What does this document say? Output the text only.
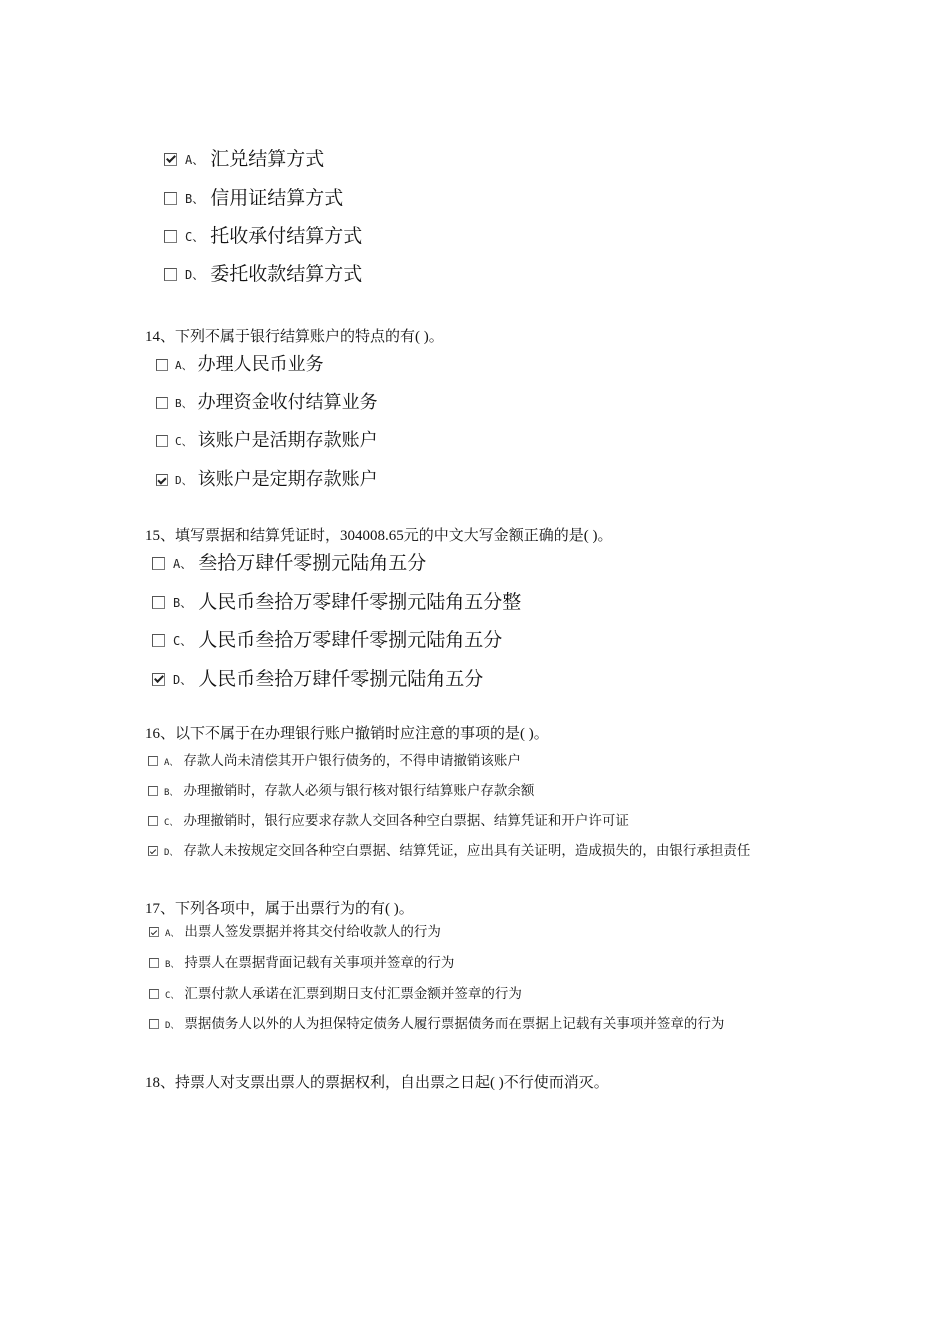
A、 汇兑结算方式
B、 信用证结算方式
C、 托收承付结算方式
D、 委托收款结算方式
14、下列不属于银行结算账户的特点的有( )。
A、 办理人民币业务
B、 办理资金收付结算业务
C、 该账户是活期存款账户
D、 该账户是定期存款账户
15、填写票据和结算凭证时，304008.65元的中文大写金额正确的是( )。
A、 叁拾万肆仟零捌元陆角五分
B、 人民币叁拾万零肆仟零捌元陆角五分整
C、 人民币叁拾万零肆仟零捌元陆角五分
D、 人民币叁拾万肆仟零捌元陆角五分
16、以下不属于在办理银行账户撤销时应注意的事项的是( )。
A、 存款人尚未清偿其开户银行债务的，不得申请撤销该账户
B、 办理撤销时，存款人必须与银行核对银行结算账户存款余额
C、 办理撤销时，银行应要求存款人交回各种空白票据、结算凭证和开户许可证
D、 存款人未按规定交回各种空白票据、结算凭证，应出具有关证明，造成损失的，由银行承担责任
17、下列各项中，属于出票行为的有( )。
A、 出票人签发票据并将其交付给收款人的行为
B、 持票人在票据背面记载有关事项并签章的行为
C、 汇票付款人承诺在汇票到期日支付汇票金额并签章的行为
D、 票据债务人以外的人为担保特定债务人履行票据债务而在票据上记载有关事项并签章的行为
18、持票人对支票出票人的票据权利，自出票之日起( )不行使而消灭。
